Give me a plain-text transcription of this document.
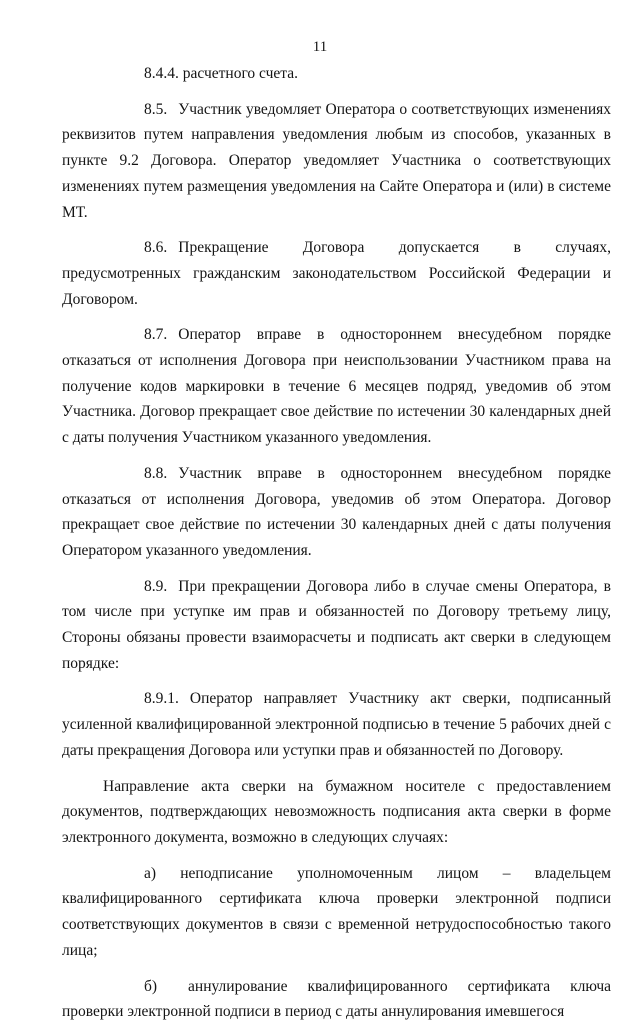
11

8.4.4. расчетного счета.

8.5. Участник уведомляет Оператора о соответствующих изменениях реквизитов путем направления уведомления любым из способов, указанных в пункте 9.2 Договора. Оператор уведомляет Участника о соответствующих изменениях путем размещения уведомления на Сайте Оператора и (или) в системе МТ.

8.6. Прекращение Договора допускается в случаях, предусмотренных гражданским законодательством Российской Федерации и Договором.

8.7. Оператор вправе в одностороннем внесудебном порядке отказаться от исполнения Договора при неиспользовании Участником права на получение кодов маркировки в течение 6 месяцев подряд, уведомив об этом Участника. Договор прекращает свое действие по истечении 30 календарных дней с даты получения Участником указанного уведомления.

8.8. Участник вправе в одностороннем внесудебном порядке отказаться от исполнения Договора, уведомив об этом Оператора. Договор прекращает свое действие по истечении 30 календарных дней с даты получения Оператором указанного уведомления.

8.9. При прекращении Договора либо в случае смены Оператора, в том числе при уступке им прав и обязанностей по Договору третьему лицу, Стороны обязаны провести взаиморасчеты и подписать акт сверки в следующем порядке:

8.9.1. Оператор направляет Участнику акт сверки, подписанный усиленной квалифицированной электронной подписью в течение 5 рабочих дней с даты прекращения Договора или уступки прав и обязанностей по Договору.

Направление акта сверки на бумажном носителе с предоставлением документов, подтверждающих невозможность подписания акта сверки в форме электронного документа, возможно в следующих случаях:

а) неподписание уполномоченным лицом – владельцем квалифицированного сертификата ключа проверки электронной подписи соответствующих документов в связи с временной нетрудоспособностью такого лица;

б) аннулирование квалифицированного сертификата ключа проверки электронной подписи в период с даты аннулирования имевшегося
